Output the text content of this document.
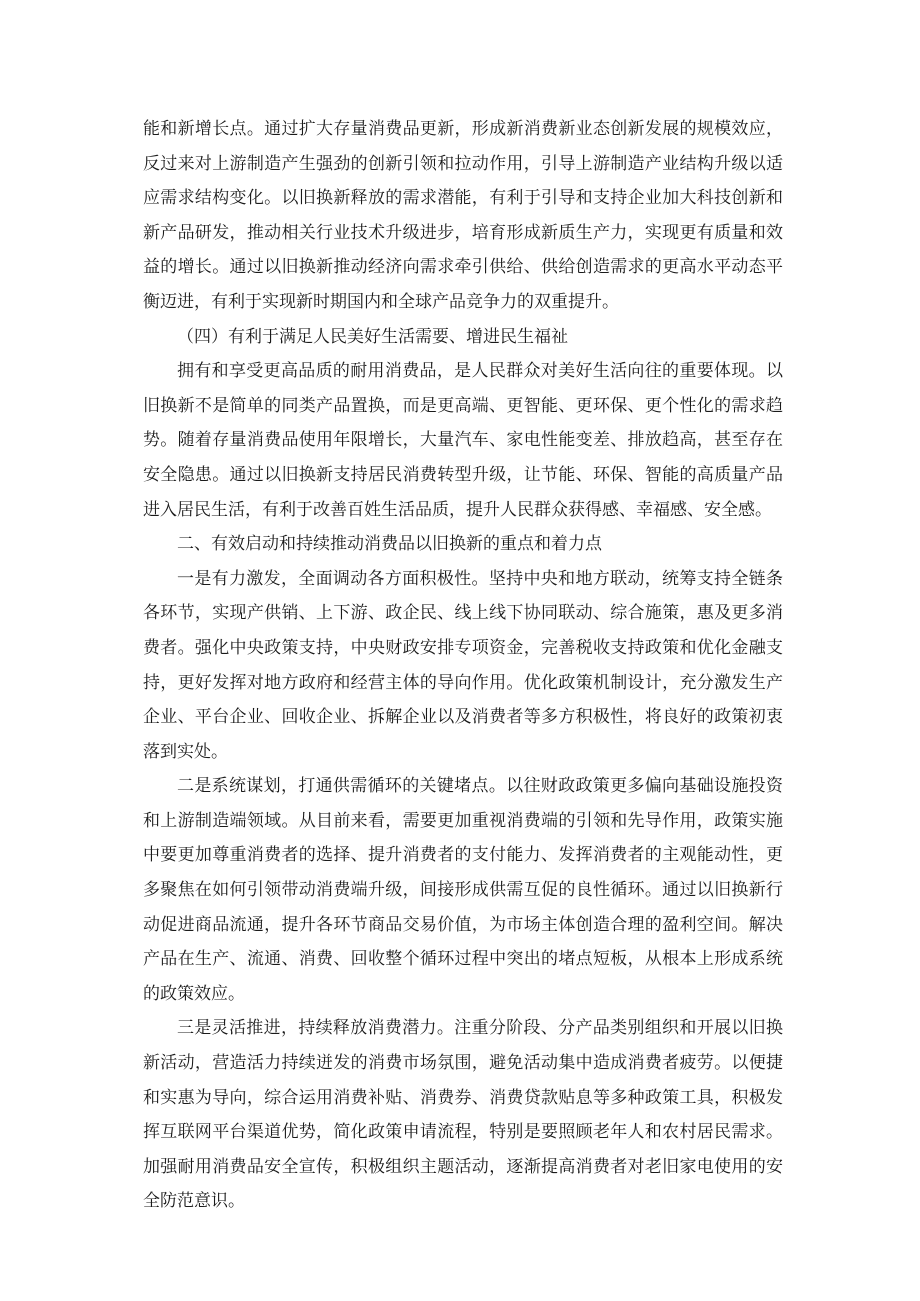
能和新增长点。通过扩大存量消费品更新，形成新消费新业态创新发展的规模效应，反过来对上游制造产生强劲的创新引领和拉动作用，引导上游制造产业结构升级以适应需求结构变化。以旧换新释放的需求潜能，有利于引导和支持企业加大科技创新和新产品研发，推动相关行业技术升级进步，培育形成新质生产力，实现更有质量和效益的增长。通过以旧换新推动经济向需求牵引供给、供给创造需求的更高水平动态平衡迈进，有利于实现新时期国内和全球产品竞争力的双重提升。

（四）有利于满足人民美好生活需要、增进民生福祉

拥有和享受更高品质的耐用消费品，是人民群众对美好生活向往的重要体现。以旧换新不是简单的同类产品置换，而是更高端、更智能、更环保、更个性化的需求趋势。随着存量消费品使用年限增长，大量汽车、家电性能变差、排放趋高，甚至存在安全隐患。通过以旧换新支持居民消费转型升级，让节能、环保、智能的高质量产品进入居民生活，有利于改善百姓生活品质，提升人民群众获得感、幸福感、安全感。

二、有效启动和持续推动消费品以旧换新的重点和着力点

一是有力激发，全面调动各方面积极性。坚持中央和地方联动，统筹支持全链条各环节，实现产供销、上下游、政企民、线上线下协同联动、综合施策，惠及更多消费者。强化中央政策支持，中央财政安排专项资金，完善税收支持政策和优化金融支持，更好发挥对地方政府和经营主体的导向作用。优化政策机制设计，充分激发生产企业、平台企业、回收企业、拆解企业以及消费者等多方积极性，将良好的政策初衷落到实处。

二是系统谋划，打通供需循环的关键堵点。以往财政政策更多偏向基础设施投资和上游制造端领域。从目前来看，需要更加重视消费端的引领和先导作用，政策实施中要更加尊重消费者的选择、提升消费者的支付能力、发挥消费者的主观能动性，更多聚焦在如何引领带动消费端升级，间接形成供需互促的良性循环。通过以旧换新行动促进商品流通，提升各环节商品交易价值，为市场主体创造合理的盈利空间。解决产品在生产、流通、消费、回收整个循环过程中突出的堵点短板，从根本上形成系统的政策效应。

三是灵活推进，持续释放消费潜力。注重分阶段、分产品类别组织和开展以旧换新活动，营造活力持续迸发的消费市场氛围，避免活动集中造成消费者疲劳。以便捷和实惠为导向，综合运用消费补贴、消费券、消费贷款贴息等多种政策工具，积极发挥互联网平台渠道优势，简化政策申请流程，特别是要照顾老年人和农村居民需求。加强耐用消费品安全宣传，积极组织主题活动，逐渐提高消费者对老旧家电使用的安全防范意识。
